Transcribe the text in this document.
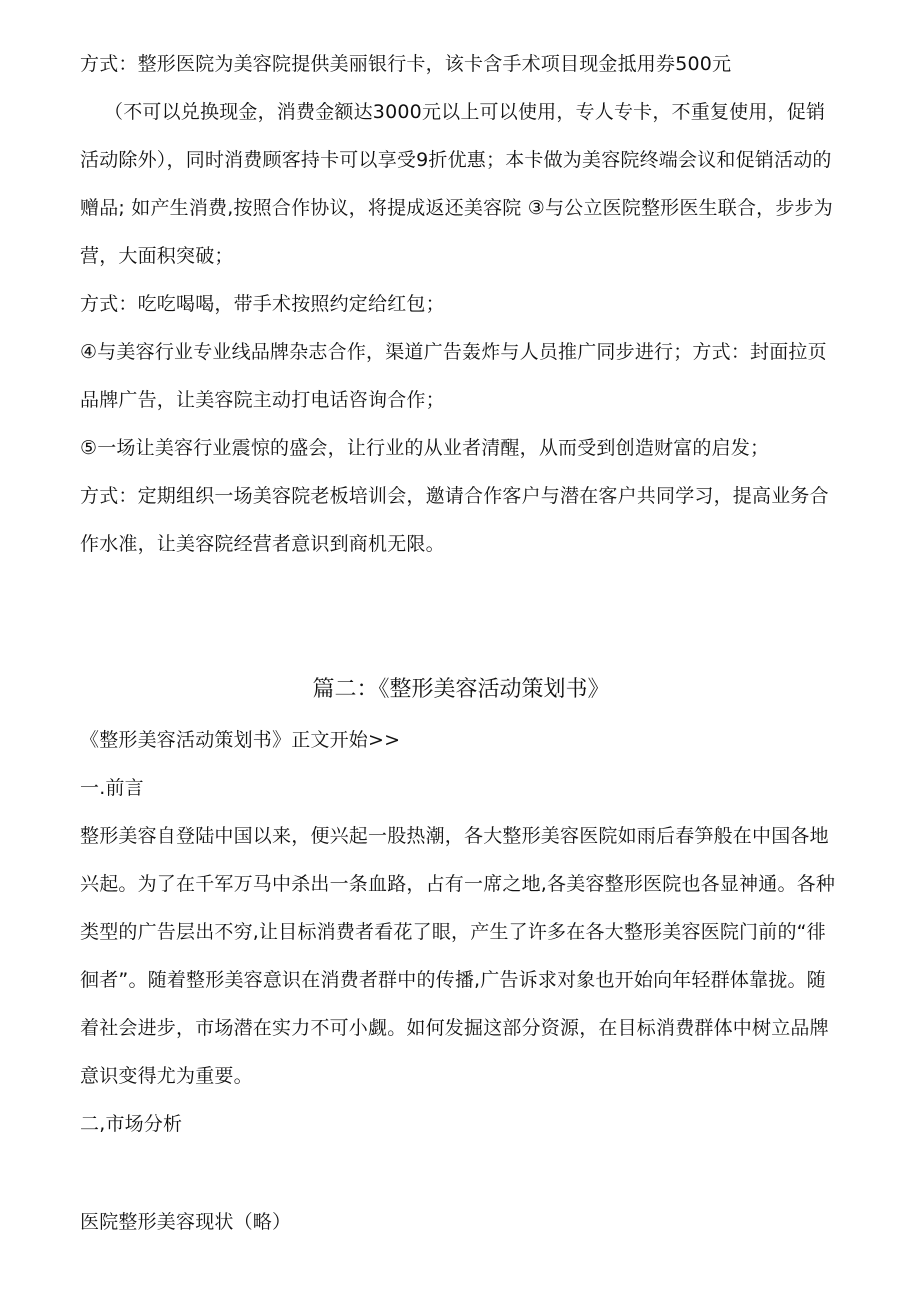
方式：整形医院为美容院提供美丽银行卡，该卡含手术项目现金抵用券500元
（不可以兑换现金，消费金额达3000元以上可以使用，专人专卡，不重复使用，促销活动除外），同时消费顾客持卡可以享受9折优惠；本卡做为美容院终端会议和促销活动的赠品; 如产生消费,按照合作协议，将提成返还美容院 ③与公立医院整形医生联合，步步为营，大面积突破；
方式：吃吃喝喝，带手术按照约定给红包；
④与美容行业专业线品牌杂志合作，渠道广告轰炸与人员推广同步进行；方式：封面拉页品牌广告，让美容院主动打电话咨询合作；
⑤一场让美容行业震惊的盛会，让行业的从业者清醒，从而受到创造财富的启发；
方式：定期组织一场美容院老板培训会，邀请合作客户与潜在客户共同学习，提高业务合作水准，让美容院经营者意识到商机无限。
篇二：《整形美容活动策划书》
《整形美容活动策划书》正文开始>>
一.前言
整形美容自登陆中国以来，便兴起一股热潮，各大整形美容医院如雨后春笋般在中国各地兴起。为了在千军万马中杀出一条血路，占有一席之地,各美容整形医院也各显神通。各种类型的广告层出不穷,让目标消费者看花了眼，产生了许多在各大整形美容医院门前的“徘徊者”。随着整形美容意识在消费者群中的传播,广告诉求对象也开始向年轻群体靠拢。随着社会进步，市场潜在实力不可小觑。如何发掘这部分资源，在目标消费群体中树立品牌意识变得尤为重要。
二,市场分析
医院整形美容现状（略）
